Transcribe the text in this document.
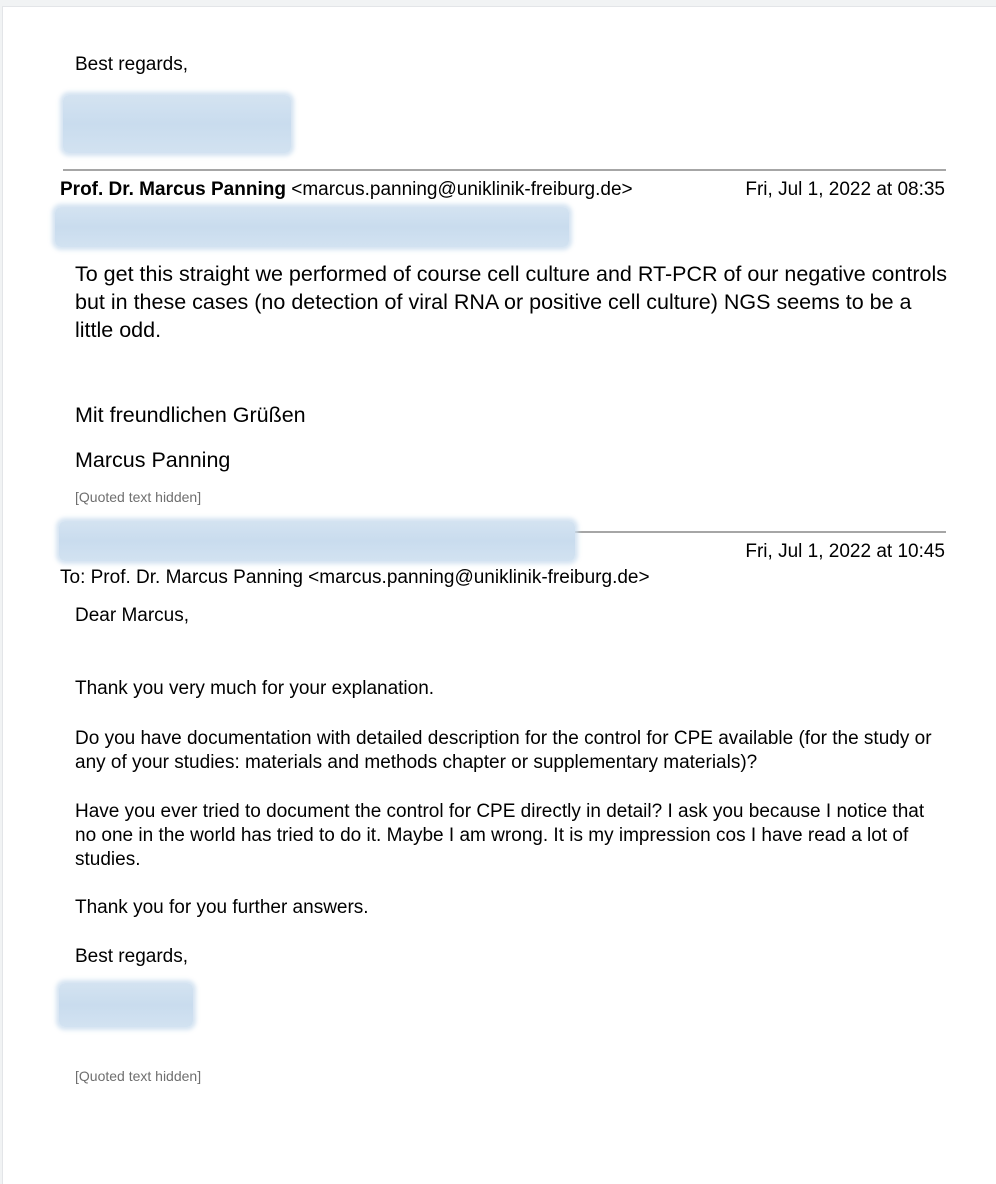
Best regards,
Prof. Dr. Marcus Panning <marcus.panning@uniklinik-freiburg.de>	Fri, Jul 1, 2022 at 08:35

To get this straight we performed of course cell culture and RT-PCR of our negative controls but in these cases (no detection of viral RNA or positive cell culture) NGS seems to be a little odd.

Mit freundlichen Grüßen
Marcus Panning
[Quoted text hidden]
Fri, Jul 1, 2022 at 10:45
To: Prof. Dr. Marcus Panning <marcus.panning@uniklinik-freiburg.de>
Dear Marcus,
Thank you very much for your explanation.
Do you have documentation with detailed description for the control for CPE available (for the study or any of your studies: materials and methods chapter or supplementary materials)?
Have you ever tried to document the control for CPE directly in detail? I ask you because I notice that no one in the world has tried to do it. Maybe I am wrong. It is my impression cos I have read a lot of studies.
Thank you for you further answers.
Best regards,
[Quoted text hidden]
